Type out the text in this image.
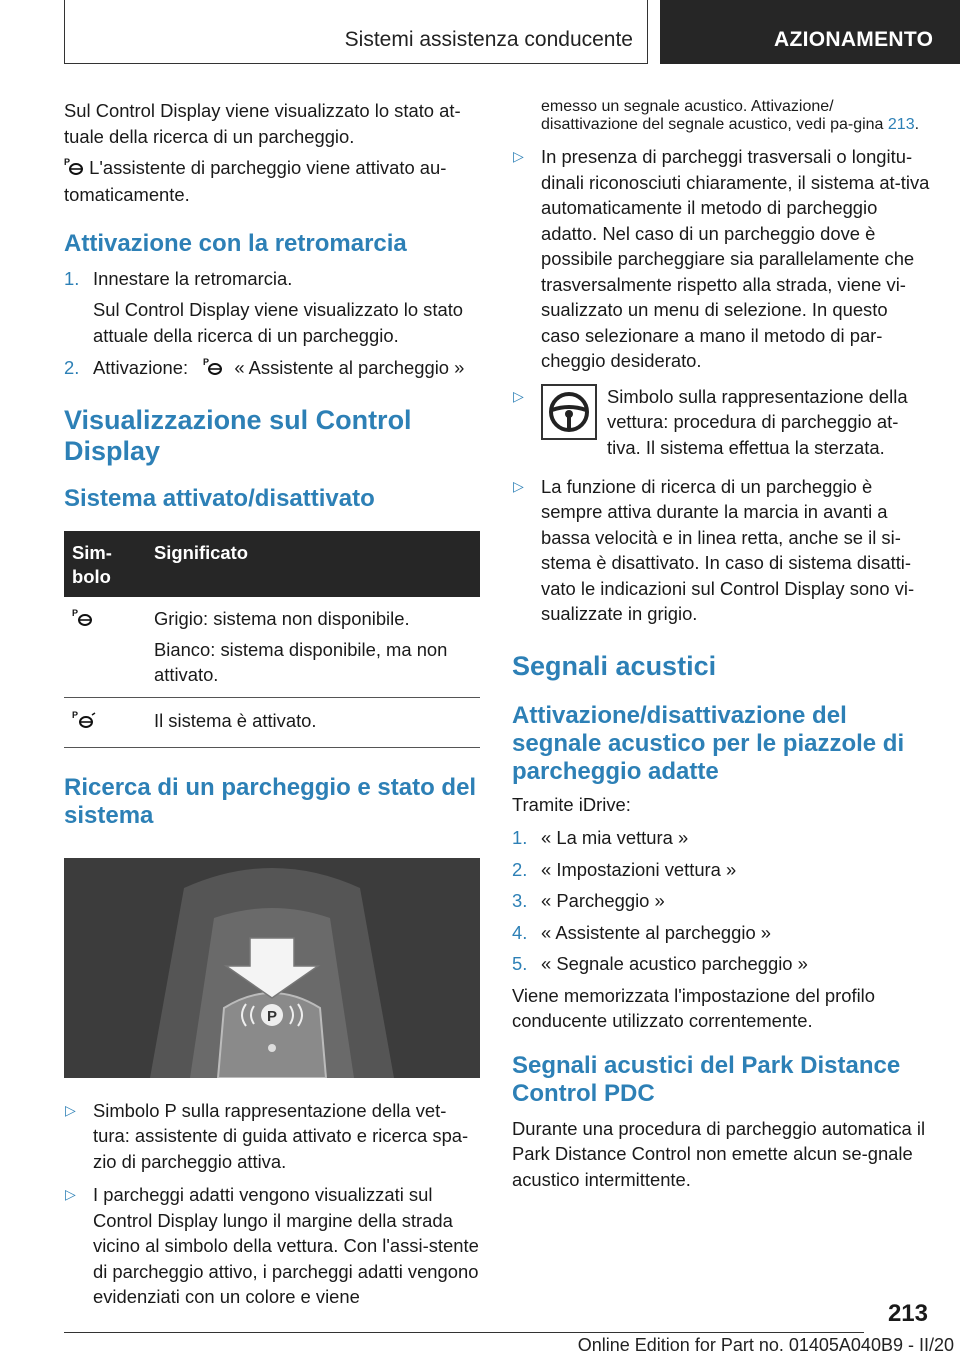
Sistemi assistenza conducente	AZIONAMENTO

Sul Control Display viene visualizzato lo stato at-tuale della ricerca di un parcheggio.

P L'assistente di parcheggio viene attivato au-tomaticamente.

Attivazione con la retromarcia
1. Innestare la retromarcia.
Sul Control Display viene visualizzato lo stato attuale della ricerca di un parcheggio.
2. Attivazione: P « Assistente al parcheggio »
Visualizzazione sul Control Display
Sistema attivato/disattivato
Sim-bolo	Significato

P	Grigio: sistema non disponibile.
Bianco: sistema disponibile, ma non attivato.

P	Il sistema è attivato.
Ricerca di un parcheggio e stato del sistema
P
▷ Simbolo P sulla rappresentazione della vet-tura: assistente di guida attivato e ricerca spa-zio di parcheggio attiva.
▷ I parcheggi adatti vengono visualizzati sul Control Display lungo il margine della strada vicino al simbolo della vettura. Con l'assi-stente di parcheggio attivo, i parcheggi adatti vengono evidenziati con un colore e viene
emesso un segnale acustico. Attivazione/ disattivazione del segnale acustico, vedi pa-gina 213.
▷ In presenza di parcheggi trasversali o longitu-dinali riconosciuti chiaramente, il sistema at-tiva automaticamente il metodo di parcheggio adatto. Nel caso di un parcheggio dove è possibile parcheggiare sia parallelamente che trasversalmente rispetto alla strada, viene vi-sualizzato un menu di selezione. In questo caso selezionare a mano il metodo di par-cheggio desiderato.
▷	Simbolo sulla rappresentazione della vettura: procedura di parcheggio at-tiva. Il sistema effettua la sterzata.
▷ La funzione di ricerca di un parcheggio è sempre attiva durante la marcia in avanti a bassa velocità e in linea retta, anche se il si-stema è disattivato. In caso di sistema disatti-vato le indicazioni sul Control Display sono vi-sualizzate in grigio.
Segnali acustici
Attivazione/disattivazione del segnale acustico per le piazzole di parcheggio adatte

Tramite iDrive:

1. « La mia vettura »
2. « Impostazioni vettura »
3. « Parcheggio »
4. « Assistente al parcheggio »
5. « Segnale acustico parcheggio »

Viene memorizzata l'impostazione del profilo conducente utilizzato correntemente.

Segnali acustici del Park Distance Control PDC

Durante una procedura di parcheggio automatica il Park Distance Control non emette alcun se-gnale acustico intermittente.

213
Online Edition for Part no. 01405A040B9 - II/20
